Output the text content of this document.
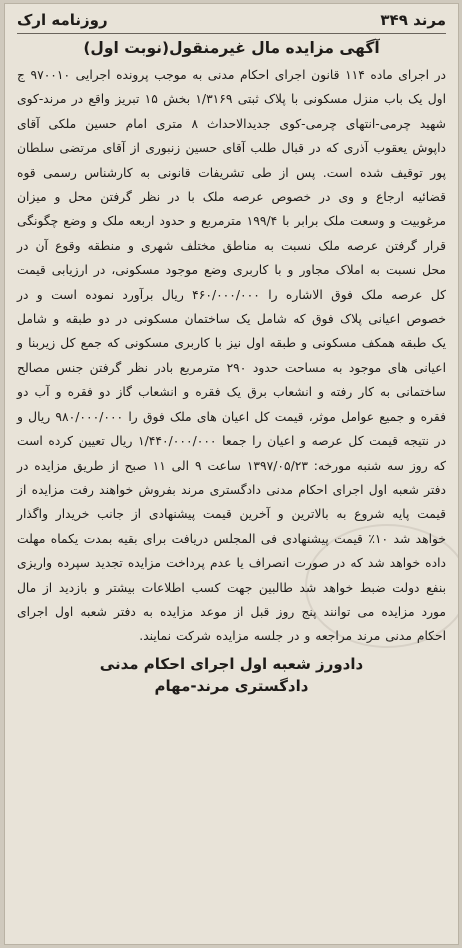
مرند ۳۴۹
روزنامه ارک
آگهی مزایده مال غیرمنقول(نوبت اول)
در اجرای ماده ۱۱۴ قانون اجرای احکام مدنی به موجب پرونده اجرایی ۹۷۰۰۱۰ ج اول یک باب منزل مسکونی با پلاک ثبتی ۱/۳۱۶۹ بخش ۱۵ تبریز واقع در مرند-کوی شهید چرمی-انتهای چرمی-کوی جدیدالاحداث ۸ متری امام حسین ملکی آقای داپوش یعقوب آذری که در قبال طلب آقای حسین زنبوری از آقای مرتضی سلطان پور توقیف شده است. پس از طی تشریفات قانونی به کارشناس رسمی قوه قضائیه ارجاع و وی در خصوص عرصه ملک با در نظر گرفتن محل و میزان مرغوبیت و وسعت ملک برابر با ۱۹۹/۴ مترمربع و حدود اربعه ملک و وضع چگونگی قرار گرفتن عرصه ملک نسبت به مناطق مختلف شهری و منطقه وقوع آن در محل نسبت به املاک مجاور و با کاربری وضع موجود مسکونی، در ارزیابی قیمت کل عرصه ملک فوق الاشاره را ۴۶۰/۰۰۰/۰۰۰ ریال برآورد نموده است و در خصوص اعیانی پلاک فوق که شامل یک ساختمان مسکونی در دو طبقه و شامل یک طبقه همکف مسکونی و طبقه اول نیز با کاربری مسکونی که جمع کل زیربنا و اعیانی های موجود به مساحت حدود ۲۹۰ مترمربع بادر نظر گرفتن جنس مصالح ساختمانی به کار رفته و انشعاب برق یک فقره و انشعاب گاز دو فقره و آب دو فقره و جمیع عوامل موثر، قیمت کل اعیان های ملک فوق را ۹۸۰/۰۰۰/۰۰۰ ریال و در نتیجه قیمت کل عرصه و اعیان را جمعا ۱/۴۴۰/۰۰۰/۰۰۰ ریال تعیین کرده است که روز سه شنبه مورخه: ۱۳۹۷/۰۵/۲۳ ساعت ۹ الی ۱۱ صبح از طریق مزایده در دفتر شعبه اول اجرای احکام مدنی دادگستری مرند بفروش خواهند رفت مزایده از قیمت پایه شروع به بالاترین و آخرین قیمت پیشنهادی از جانب خریدار واگذار خواهد شد ۱۰٪ قیمت پیشنهادی فی المجلس دریافت برای بقیه بمدت یکماه مهلت داده خواهد شد که در صورت انصراف یا عدم پرداخت مزایده تجدید سپرده واریزی بنفع دولت ضبط خواهد شد طالبین جهت کسب اطلاعات بیشتر و بازدید از مال مورد مزایده می توانند پنج روز قبل از موعد مزایده به دفتر شعبه اول اجرای احکام مدنی مرند مراجعه و در جلسه مزایده شرکت نمایند.
دادورز شعبه اول اجرای احکام مدنی
دادگستری مرند-مهام
